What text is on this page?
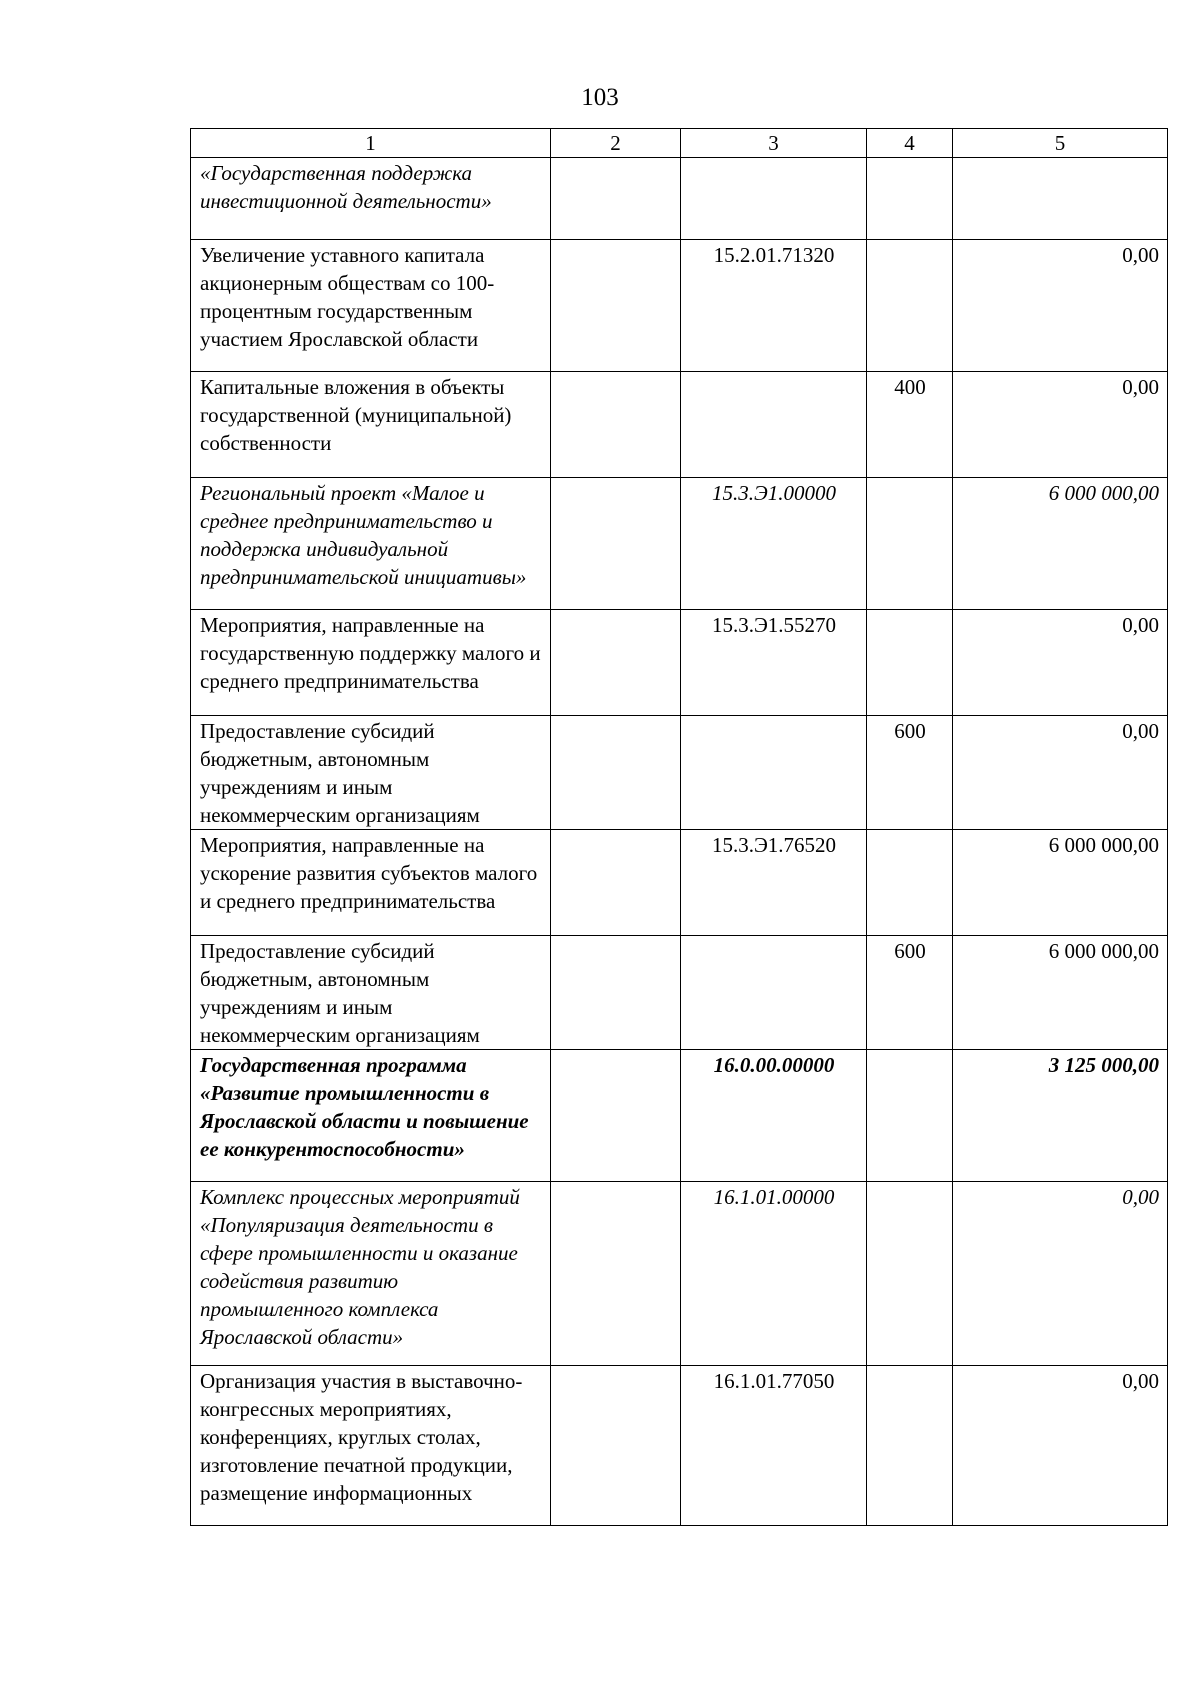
103
1	2	3	4	5
«Государственная поддержка инвестиционной деятельности»				
Увеличение уставного капитала акционерным обществам со 100-процентным государственным участием Ярославской области		15.2.01.71320		0,00
Капитальные вложения в объекты государственной (муниципальной) собственности			400	0,00
Региональный проект «Малое и среднее предпринимательство и поддержка индивидуальной предпринимательской инициативы»		15.3.Э1.00000		6 000 000,00
Мероприятия, направленные на государственную поддержку малого и среднего предпринимательства		15.3.Э1.55270		0,00
Предоставление субсидий бюджетным, автономным учреждениям и иным некоммерческим организациям			600	0,00
Мероприятия, направленные на ускорение развития субъектов малого и среднего предпринимательства		15.3.Э1.76520		6 000 000,00
Предоставление субсидий бюджетным, автономным учреждениям и иным некоммерческим организациям			600	6 000 000,00
Государственная программа «Развитие промышленности в Ярославской области и повышение ее конкурентоспособности»		16.0.00.00000		3 125 000,00
Комплекс процессных мероприятий «Популяризация деятельности в сфере промышленности и оказание содействия развитию промышленного комплекса Ярославской области»		16.1.01.00000		0,00
Организация участия в выставочно-конгрессных мероприятиях, конференциях, круглых столах, изготовление печатной продукции, размещение информационных		16.1.01.77050		0,00
